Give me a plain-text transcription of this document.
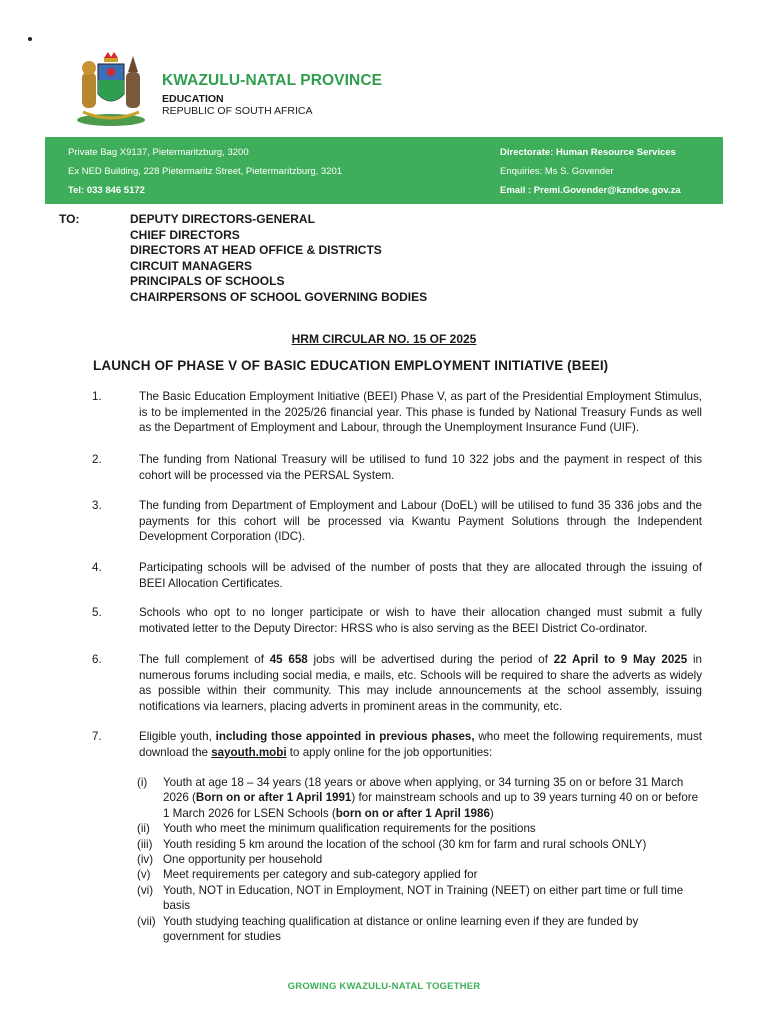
KWAZULU-NATAL PROVINCE
EDUCATION
REPUBLIC OF SOUTH AFRICA
Private Bag X9137, Pietermaritzburg, 3200
Ex NED Building, 228 Pietermaritz Street, Pietermaritzburg, 3201
Tel: 033 846 5172
Directorate: Human Resource Services
Enquiries: Ms S. Govender
Email : Premi.Govender@kzndoe.gov.za
TO:	DEPUTY DIRECTORS-GENERAL
CHIEF DIRECTORS
DIRECTORS AT HEAD OFFICE & DISTRICTS
CIRCUIT MANAGERS
PRINCIPALS OF SCHOOLS
CHAIRPERSONS OF SCHOOL GOVERNING BODIES
HRM CIRCULAR NO. 15 OF 2025
LAUNCH OF PHASE V OF BASIC EDUCATION EMPLOYMENT INITIATIVE (BEEI)
1.	The Basic Education Employment Initiative (BEEI) Phase V, as part of the Presidential Employment Stimulus, is to be implemented in the 2025/26 financial year. This phase is funded by National Treasury Funds as well as the Department of Employment and Labour, through the Unemployment Insurance Fund (UIF).
2.	The funding from National Treasury will be utilised to fund 10 322 jobs and the payment in respect of this cohort will be processed via the PERSAL System.
3.	The funding from Department of Employment and Labour (DoEL) will be utilised to fund 35 336 jobs and the payments for this cohort will be processed via Kwantu Payment Solutions through the Independent Development Corporation (IDC).
4.	Participating schools will be advised of the number of posts that they are allocated through the issuing of BEEI Allocation Certificates.
5.	Schools who opt to no longer participate or wish to have their allocation changed must submit a fully motivated letter to the Deputy Director: HRSS who is also serving as the BEEI District Co-ordinator.
6.	The full complement of 45 658 jobs will be advertised during the period of 22 April to 9 May 2025 in numerous forums including social media, e mails, etc. Schools will be required to share the adverts as widely as possible within their community. This may include announcements at the school assembly, issuing notifications via learners, placing adverts in prominent areas in the community, etc.
7.	Eligible youth, including those appointed in previous phases, who meet the following requirements, must download the sayouth.mobi to apply online for the job opportunities:
(i)	Youth at age 18 – 34 years (18 years or above when applying, or 34 turning 35 on or before 31 March 2026 (Born on or after 1 April 1991) for mainstream schools and up to 39 years turning 40 on or before 1 March 2026 for LSEN Schools (born on or after 1 April 1986)
(ii)	Youth who meet the minimum qualification requirements for the positions
(iii) Youth residing 5 km around the location of the school (30 km for farm and rural schools ONLY)
(iv) One opportunity per household
(v)	Meet requirements per category and sub-category applied for
(vi) Youth, NOT in Education, NOT in Employment, NOT in Training (NEET) on either part time or full time basis
(vii) Youth studying teaching qualification at distance or online learning even if they are funded by government for studies
GROWING KWAZULU-NATAL TOGETHER
